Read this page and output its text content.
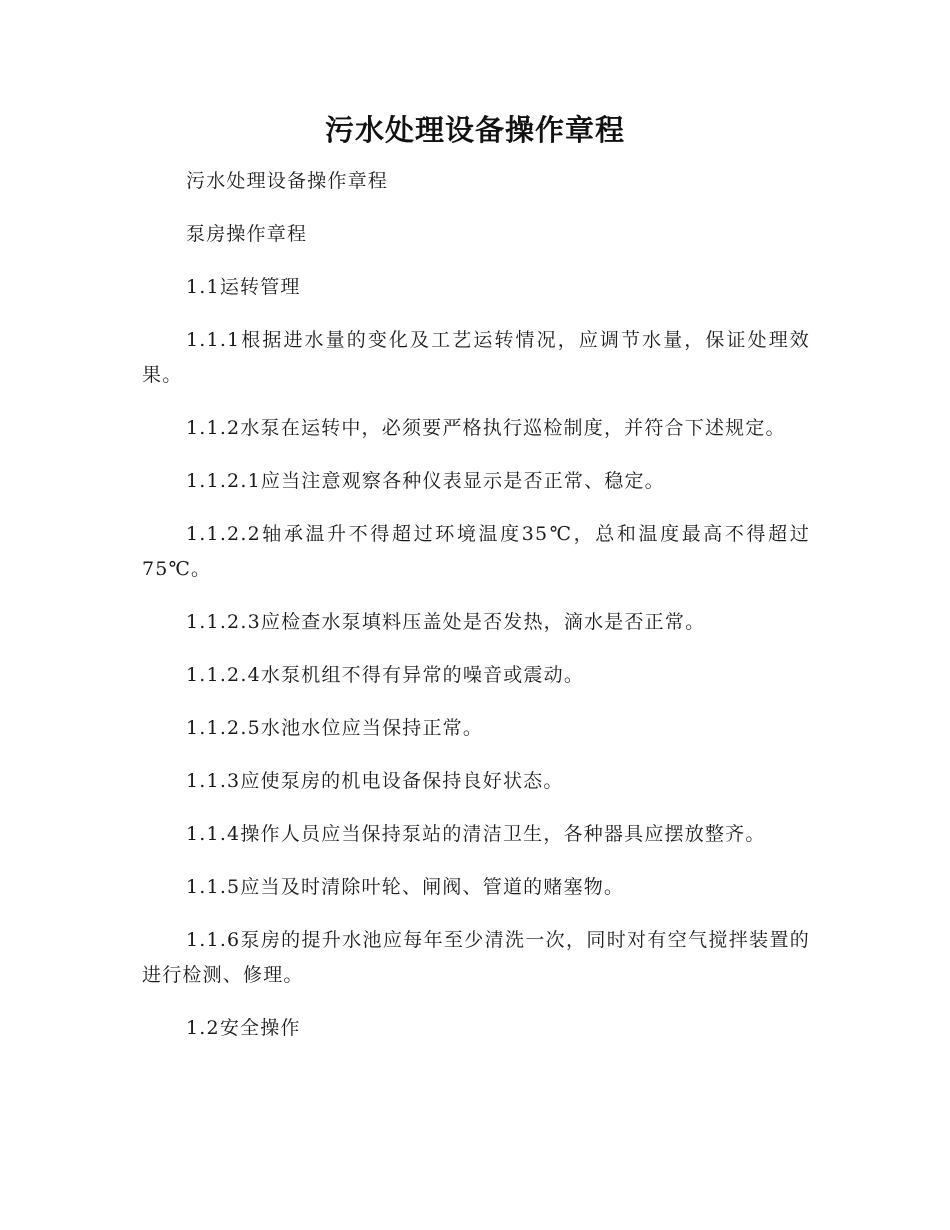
污水处理设备操作章程

污水处理设备操作章程

泵房操作章程

1.1运转管理

1.1.1根据进水量的变化及工艺运转情况，应调节水量，保证处理效果。

1.1.2水泵在运转中，必须要严格执行巡检制度，并符合下述规定。

1.1.2.1应当注意观察各种仪表显示是否正常、稳定。

1.1.2.2轴承温升不得超过环境温度35℃，总和温度最高不得超过75℃。

1.1.2.3应检查水泵填料压盖处是否发热，滴水是否正常。

1.1.2.4水泵机组不得有异常的噪音或震动。

1.1.2.5水池水位应当保持正常。

1.1.3应使泵房的机电设备保持良好状态。

1.1.4操作人员应当保持泵站的清洁卫生，各种器具应摆放整齐。

1.1.5应当及时清除叶轮、闸阀、管道的赌塞物。

1.1.6泵房的提升水池应每年至少清洗一次，同时对有空气搅拌装置的进行检测、修理。

1.2安全操作
